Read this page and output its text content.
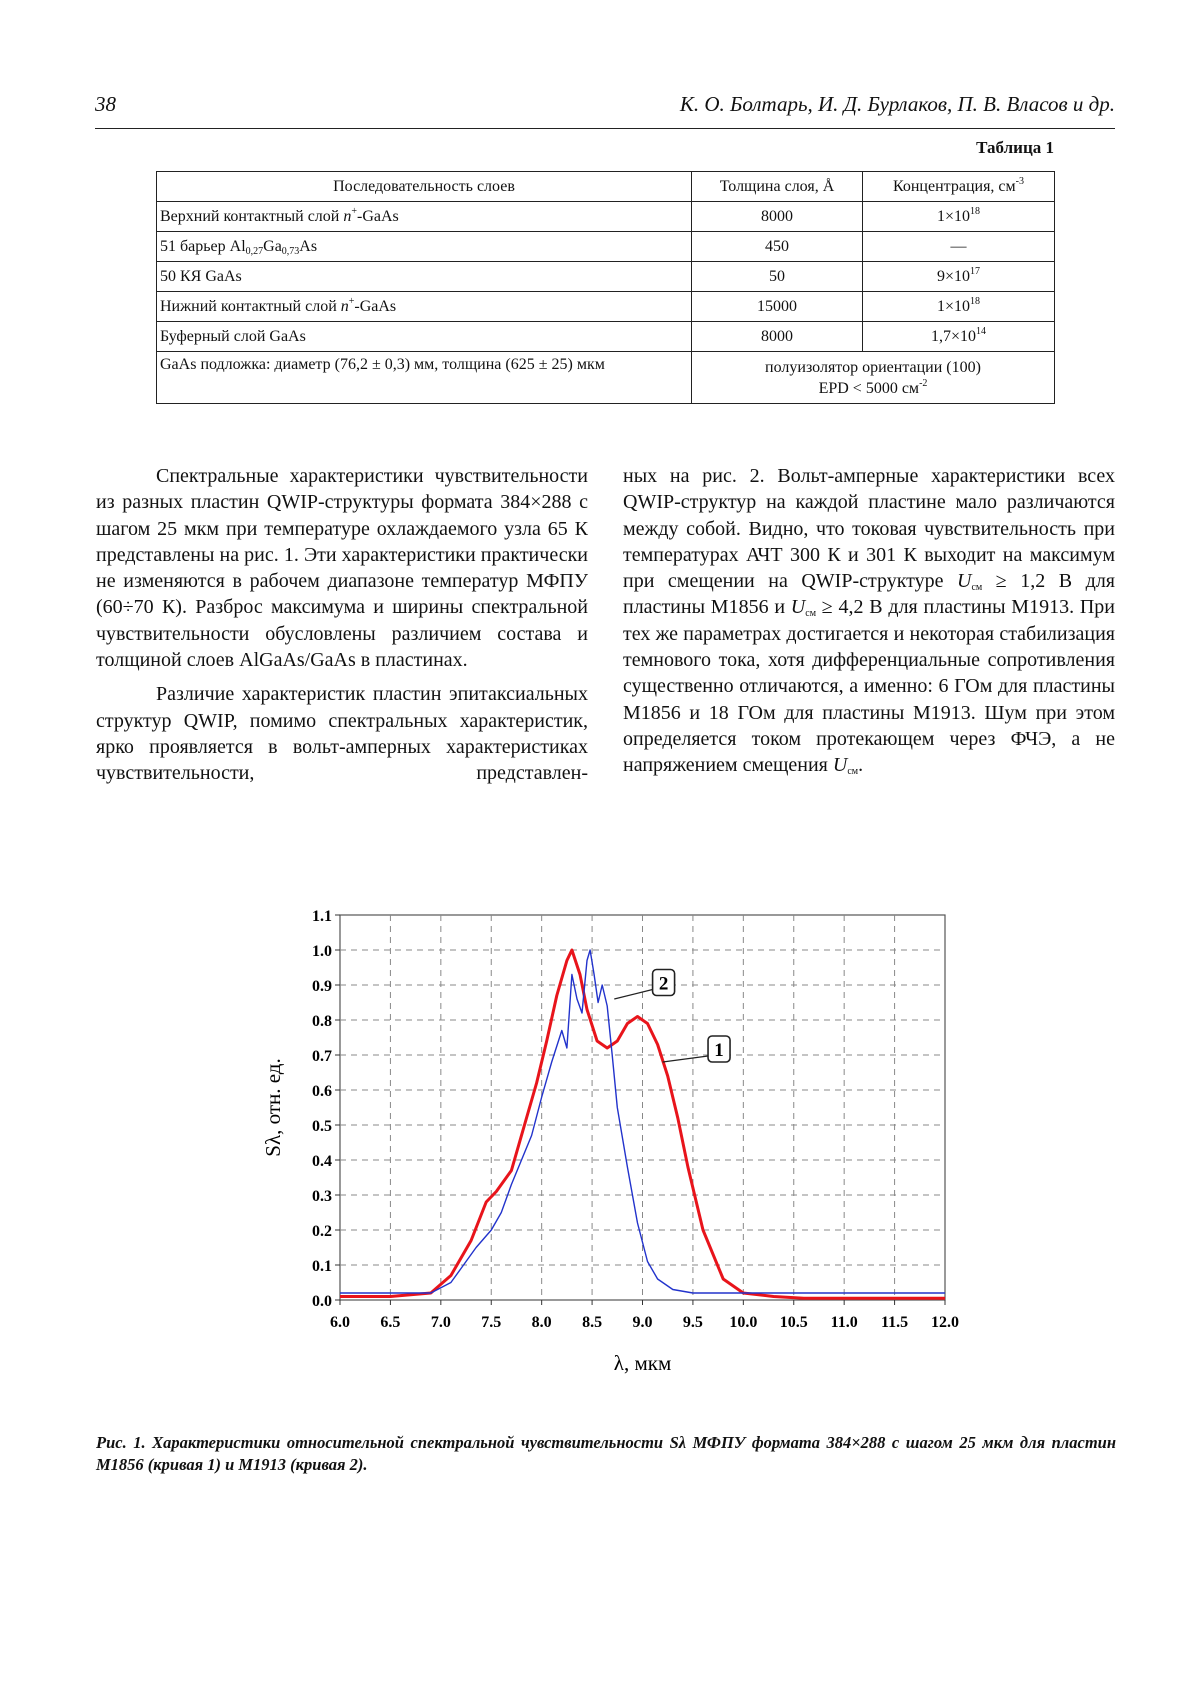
38	К. О. Болтарь, И. Д. Бурлаков, П. В. Власов и др.
Таблица 1
Последовательность слоев	Толщина слоя, Å	Концентрация, $см^{-3}$
Верхний контактный слой n+-GaAs	8000	$1\times 10^{18}$
51 барьер $Al_{0,27}Ga_{0,73}As$	450	—
50 КЯ GaAs	50	$9\times 10^{17}$
Нижний контактный слой n+-GaAs	15000	$1\times 10^{18}$
Буферный слой GaAs	8000	$1,7\times 10^{14}$
GaAs подложка: диаметр (76,2 ± 0,3) мм, толщина (625 ± 25) мкм	полуизолятор ориентации (100)
EPD < 5000 $см^{-2}$

Спектральные характеристики чувствительности из разных пластин QWIP-структуры формата 384×288 с шагом 25 мкм при температуре охлаждаемого узла 65 К представлены на рис. 1. Эти характеристики практически не изменяются в рабочем диапазоне температур МФПУ (60÷70 К). Разброс максимума и ширины спектральной чувствительности обусловлены различием состава и толщиной слоев AlGaAs/GaAs в пластинах.

Различие характеристик пластин эпитаксиальных структур QWIP, помимо спектральных характеристик, ярко проявляется в вольт-амперных характеристиках чувствительности, представлен-

ных на рис. 2. Вольт-амперные характеристики всех QWIP-структур на каждой пластине мало различаются между собой. Видно, что токовая чувствительность при температурах АЧТ 300 К и 301 К выходит на максимум при смещении на QWIP-структуре $U_{см} \ge 1,2$ В для пластины М1856 и $U_{см} \ge 4,2$ В для пластины М1913. При тех же параметрах достигается и некоторая стабилизация темнового тока, хотя дифференциальные сопротивления существенно отличаются, а именно: 6 ГОм для пластины М1856 и 18 ГОм для пластины М1913. Шум при этом определяется током протекающем через ФЧЭ, а не напряжением смещения $U_{см}$.

6.0 6.5 7.0 7.5 8.0 8.5 9.0 9.5 10.0 10.5 11.0 11.5 12.0
0.0
0.1
0.2
0.3
0.4
0.5
0.6
0.7
0.8
0.9
1.0
1.1
1
2
λ, мкм
Sλ, отн. ед.
Рис. 1. Характеристики относительной спектральной чувствительности Sλ МФПУ формата 384×288 с шагом 25 мкм для пластин М1856 (кривая 1) и М1913 (кривая 2).
